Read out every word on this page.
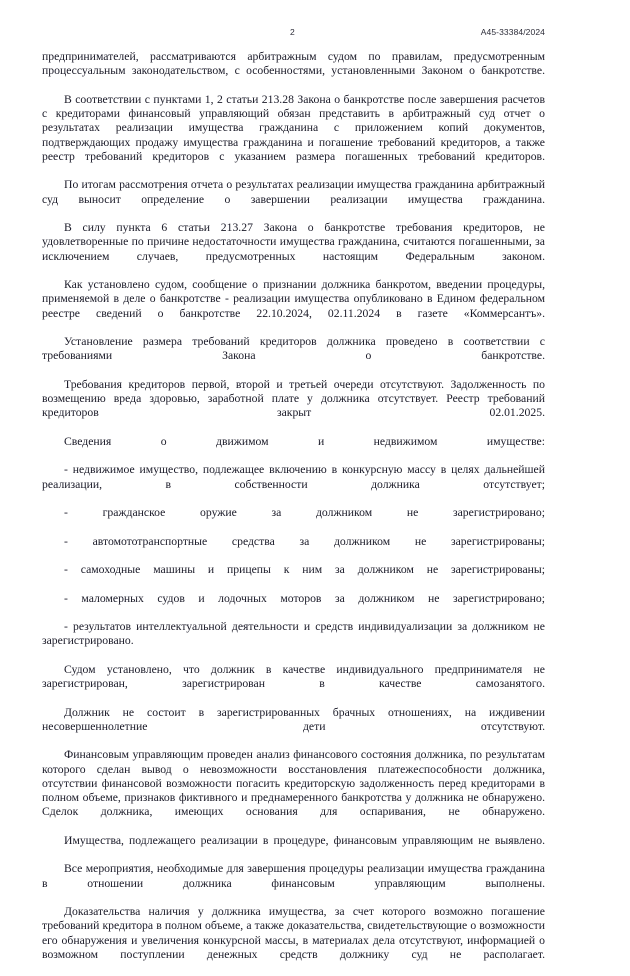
2	А45-33384/2024

предпринимателей, рассматриваются арбитражным судом по правилам, предусмотренным процессуальным законодательством, с особенностями, установленными Законом о банкротстве.

В соответствии с пунктами 1, 2 статьи 213.28 Закона о банкротстве после завершения расчетов с кредиторами финансовый управляющий обязан представить в арбитражный суд отчет о результатах реализации имущества гражданина с приложением копий документов, подтверждающих продажу имущества гражданина и погашение требований кредиторов, а также реестр требований кредиторов с указанием размера погашенных требований кредиторов.

По итогам рассмотрения отчета о результатах реализации имущества гражданина арбитражный суд выносит определение о завершении реализации имущества гражданина.

В силу пункта 6 статьи 213.27 Закона о банкротстве требования кредиторов, не удовлетворенные по причине недостаточности имущества гражданина, считаются погашенными, за исключением случаев, предусмотренных настоящим Федеральным законом.

Как установлено судом, сообщение о признании должника банкротом, введении процедуры, применяемой в деле о банкротстве - реализации имущества опубликовано в Едином федеральном реестре сведений о банкротстве 22.10.2024, 02.11.2024 в газете «Коммерсантъ».

Установление размера требований кредиторов должника проведено в соответствии с требованиями Закона о банкротстве.

Требования кредиторов первой, второй и третьей очереди отсутствуют. Задолженность по возмещению вреда здоровью, заработной плате у должника отсутствует. Реестр требований кредиторов закрыт 02.01.2025.

Сведения о движимом и недвижимом имуществе:

- недвижимое имущество, подлежащее включению в конкурсную массу в целях дальнейшей реализации, в собственности должника отсутствует;

- гражданское оружие за должником не зарегистрировано;

- автомототранспортные средства за должником не зарегистрированы;

- самоходные машины и прицепы к ним за должником не зарегистрированы;

- маломерных судов и лодочных моторов за должником не зарегистрировано;

- результатов интеллектуальной деятельности и средств индивидуализации за должником не зарегистрировано.

Судом установлено, что должник в качестве индивидуального предпринимателя не зарегистрирован, зарегистрирован в качестве самозанятого.

Должник не состоит в зарегистрированных брачных отношениях, на иждивении несовершеннолетние дети отсутствуют.

Финансовым управляющим проведен анализ финансового состояния должника, по результатам которого сделан вывод о невозможности восстановления платежеспособности должника, отсутствии финансовой возможности погасить кредиторскую задолженность перед кредиторами в полном объеме, признаков фиктивного и преднамеренного банкротства у должника не обнаружено. Сделок должника, имеющих основания для оспаривания, не обнаружено.

Имущества, подлежащего реализации в процедуре, финансовым управляющим не выявлено.

Все мероприятия, необходимые для завершения процедуры реализации имущества гражданина в отношении должника финансовым управляющим выполнены.

Доказательства наличия у должника имущества, за счет которого возможно погашение требований кредитора в полном объеме, а также доказательства, свидетельствующие о возможности его обнаружения и увеличения конкурсной массы, в материалах дела отсутствуют, информацией о возможном поступлении денежных средств должнику суд не располагает.
